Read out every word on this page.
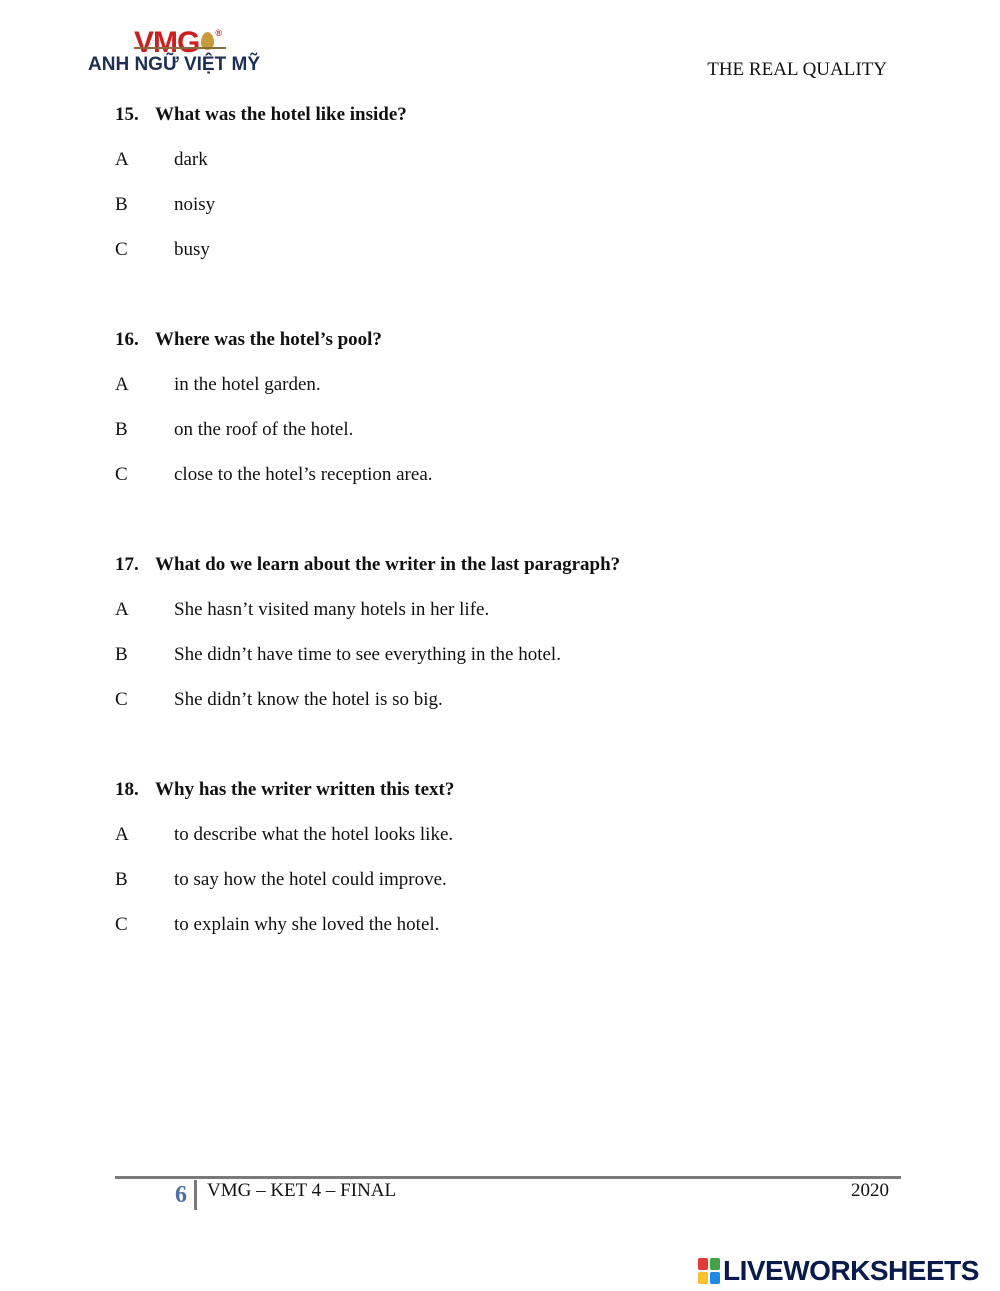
VMG ®
ANH NGỮ VIỆT MỸ	THE REAL QUALITY
15. What was the hotel like inside?
A dark
B noisy
C busy
16. Where was the hotel’s pool?
A in the hotel garden.
B on the roof of the hotel.
C close to the hotel’s reception area.
17. What do we learn about the writer in the last paragraph?
A She hasn’t visited many hotels in her life.
B She didn’t have time to see everything in the hotel.
C She didn’t know the hotel is so big.
18. Why has the writer written this text?
A to describe what the hotel looks like.
B to say how the hotel could improve.
C to explain why she loved the hotel.
6 VMG – KET 4 – FINAL	2020
LIVEWORKSHEETS
